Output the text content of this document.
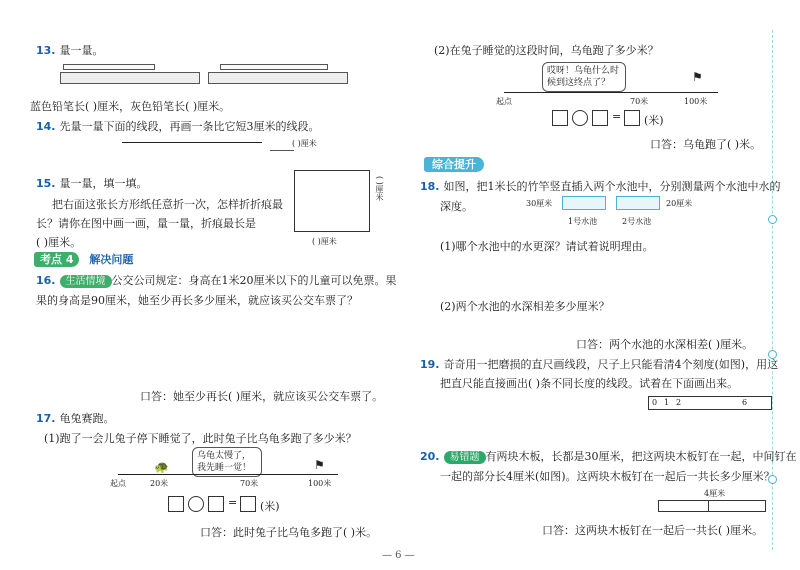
13. 量一量。
蓝色铅笔长( )厘米，灰色铅笔长( )厘米。
14. 先量一量下面的线段，再画一条比它短3厘米的线段。
( )厘米
15. 量一量，填一填。
把右面这张长方形纸任意折一次，怎样折折痕最
长？请你在图中画一画，量一量，折痕最长是
( )厘米。	( )厘米
( )厘米
考点 4 解决问题
16. 生活情境 公交公司规定：身高在1米20厘米以下的儿童可以免票。果
果的身高是90厘米，她至少再长多少厘米，就应该买公交车票了？
口答：她至少再长( )厘米，就应该买公交车票了。
17. 龟兔赛跑。
(1)跑了一会儿兔子停下睡觉了，此时兔子比乌龟多跑了多少米？
乌龟太慢了，我先睡一觉！
🐢	⚑
起点	20米	70米	100米
= (米)
口答：此时兔子比乌龟多跑了( )米。
(2)在兔子睡觉的这段时间，乌龟跑了多少米？
哎呀！乌龟什么时候到这终点了？	⚑
起点	70米	100米
= (米)
口答：乌龟跑了( )米。
综合提升
18. 如图，把1米长的竹竿竖直插入两个水池中，分别测量两个水池中水的
深度。	30厘米	20厘米
1号水池	2号水池
(1)哪个水池中的水更深？请试着说明理由。
(2)两个水池的水深相差多少厘米？
口答：两个水池的水深相差( )厘米。
19. 奇奇用一把磨损的直尺画线段，尺子上只能看清4个刻度(如图)，用这
把直尺能直接画出( )条不同长度的线段。试着在下面画出来。
0 1 2	6
20. 易错题 有两块木板，长都是30厘米，把这两块木板钉在一起，中间钉在
一起的部分长4厘米(如图)。这两块木板钉在一起后一共长多少厘米？
4厘米
口答：这两块木板钉在一起后一共长( )厘米。
— 6 —
